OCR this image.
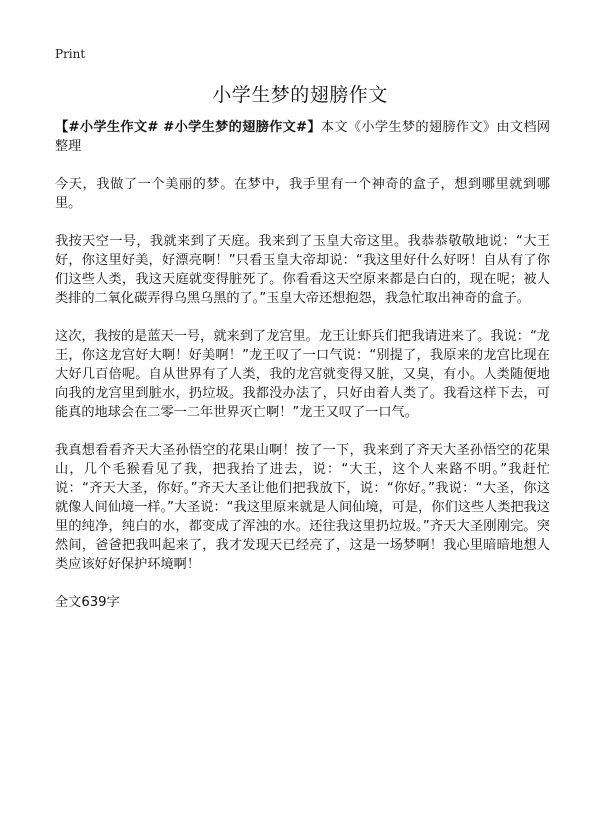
Print
小学生梦的翅膀作文

【#小学生作文# #小学生梦的翅膀作文#】本文《小学生梦的翅膀作文》由文档网整理

今天，我做了一个美丽的梦。在梦中，我手里有一个神奇的盒子，想到哪里就到哪里。

我按天空一号，我就来到了天庭。我来到了玉皇大帝这里。我恭恭敬敬地说：“大王好，你这里好美，好漂亮啊！”只看玉皇大帝却说：“我这里好什么好呀！自从有了你们这些人类，我这天庭就变得脏死了。你看看这天空原来都是白白的，现在呢；被人类排的二氧化碳弄得乌黑乌黑的了。”玉皇大帝还想抱怨，我急忙取出神奇的盒子。

这次，我按的是蓝天一号，就来到了龙宫里。龙王让虾兵们把我请进来了。我说：“龙王，你这龙宫好大啊！好美啊！”龙王叹了一口气说：“别提了，我原来的龙宫比现在大好几百倍呢。自从世界有了人类，我的龙宫就变得又脏，又臭，有小。人类随便地向我的龙宫里到脏水，扔垃圾。我都没办法了，只好由着人类了。我看这样下去，可能真的地球会在二零一二年世界灭亡啊！”龙王又叹了一口气。

我真想看看齐天大圣孙悟空的花果山啊！按了一下，我来到了齐天大圣孙悟空的花果山，几个毛猴看见了我，把我抬了进去，说：“大王，这个人来路不明。”我赶忙说：“齐天大圣，你好。”齐天大圣让他们把我放下，说：“你好。”我说：“大圣，你这就像人间仙境一样。”大圣说：“我这里原来就是人间仙境，可是，你们这些人类把我这里的纯净，纯白的水，都变成了浑浊的水。还往我这里扔垃圾。”齐天大圣刚刚完。突然间，爸爸把我叫起来了，我才发现天已经亮了，这是一场梦啊！我心里暗暗地想人类应该好好保护环境啊！

全文639字
